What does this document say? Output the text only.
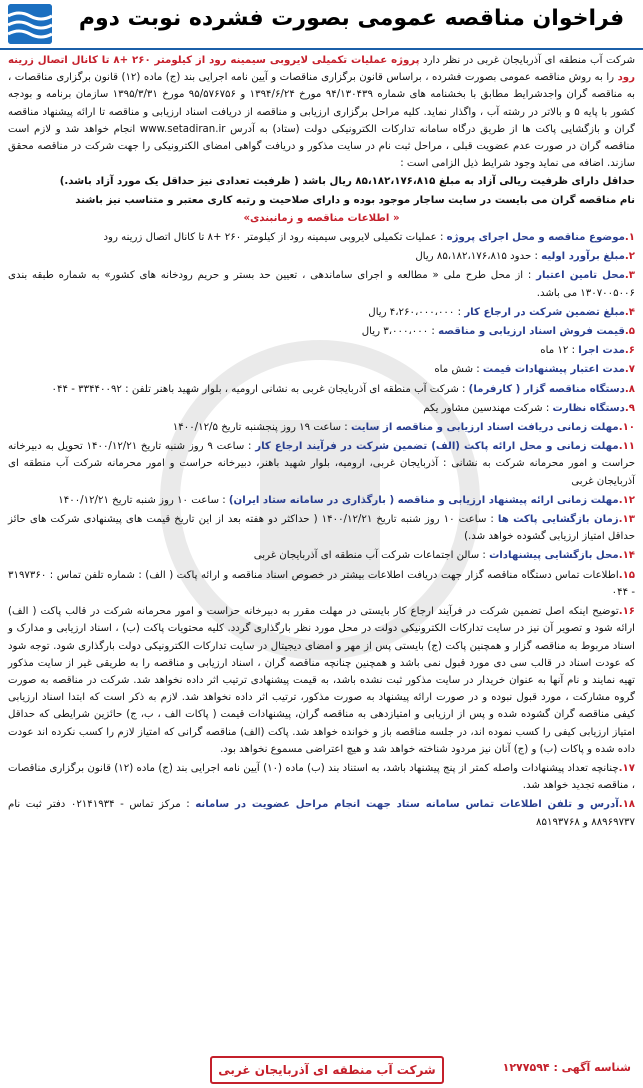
فراخوان مناقصه عمومی بصورت فشرده نوبت دوم

شرکت آب منطقه ای آذربایجان غربی در نظر دارد پروژه عملیات تکمیلی لایروبی سیمینه رود از کیلومتر ۲۶۰ +۸ تا کانال اتصال زرینه رود را به روش مناقصه عمومی بصورت فشرده ، براساس قانون برگزاری مناقصات و آیین نامه اجرایی بند (ج) ماده (۱۲) قانون برگزاری مناقصات ، به مناقصه گران واجدشرایط مطابق با بخشنامه های شماره ۹۴/۱۳۰۴۳۹ مورخ ۱۳۹۴/۶/۲۴ و ۹۵/۵۷۶۷۵۶ مورخ ۱۳۹۵/۳/۳۱ سازمان برنامه و بودجه کشور با پایه ۵ و بالاتر در رشته آب ، واگذار نماید. کلیه مراحل برگزاری ارزیابی و مناقصه از دریافت اسناد ارزیابی و مناقصه تا ارائه پیشنهاد مناقصه گران و بازگشایی پاکت ها از طریق درگاه سامانه تدارکات الکترونیکی دولت (ستاد) به آدرس www.setadiran.ir انجام خواهد شد و لازم است مناقصه گران در صورت عدم عضویت قبلی ، مراحل ثبت نام در سایت مذکور و دریافت گواهی امضای الکترونیکی را جهت شرکت در مناقصه محقق سازند. اضافه می نماید وجود شرایط ذیل الزامی است :

حداقل دارای ظرفیت ریالی آزاد به مبلغ ۸۵،۱۸۲،۱۷۶،۸۱۵ ریال باشد ( ظرفیت تعدادی نیز حداقل یک مورد آزاد باشد.)

نام مناقصه گران می بایست در سایت ساجار موجود بوده و دارای صلاحیت و رتبه کاری معتبر و متناسب نیز باشند

« اطلاعات مناقصه و زمانبندی»
۱.موضوع مناقصه و محل اجرای پروژه : عملیات تکمیلی لایروبی سیمینه رود از کیلومتر ۲۶۰ +۸ تا کانال اتصال زرینه رود
۲.مبلغ برآورد اولیه : حدود ۸۵،۱۸۲،۱۷۶،۸۱۵ ریال
۳.محل تامین اعتبار : از محل طرح ملی « مطالعه و اجرای ساماندهی ، تعیین حد بستر و حریم رودخانه های کشور» به شماره طبقه بندی ۱۳۰۷۰۰۵۰۰۶ می باشد.
۴.مبلغ تضمین شرکت در ارجاع کار : ۴،۲۶۰،۰۰۰،۰۰۰ ریال
۵.قیمت فروش اسناد ارزیابی و مناقصه : ۳،۰۰۰،۰۰۰ ریال
۶.مدت اجرا : ۱۲ ماه
۷.مدت اعتبار پیشنهادات قیمت : شش ماه
۸.دستگاه مناقصه گزار ( کارفرما) : شرکت آب منطقه ای آذربایجان غربی به نشانی ارومیه ، بلوار شهید باهنر تلفن : ۳۳۴۴۰۰۹۲ - ۰۴۴
۹.دستگاه نظارت : شرکت مهندسین مشاور یکم
۱۰.مهلت زمانی دریافت اسناد ارزیابی و مناقصه از سایت : ساعت ۱۹ روز پنجشنبه تاریخ ۱۴۰۰/۱۲/۵
۱۱.مهلت زمانی و محل ارائه پاکت (الف) تضمین شرکت در فرآیند ارجاع کار : ساعت ۹ روز شنبه تاریخ ۱۴۰۰/۱۲/۲۱ تحویل به دبیرخانه حراست و امور محرمانه شرکت به نشانی : آذربایجان غربی، ارومیه، بلوار شهید باهنر، دبیرخانه حراست و امور محرمانه شرکت آب منطقه ای آذربایجان غربی
۱۲.مهلت زمانی ارائه پیشنهاد ارزیابی و مناقصه ( بارگذاری در سامانه ستاد ایران) : ساعت ۱۰ روز شنبه تاریخ ۱۴۰۰/۱۲/۲۱
۱۳.زمان بازگشایی پاکت ها : ساعت ۱۰ روز شنبه تاریخ ۱۴۰۰/۱۲/۲۱ ( حداکثر دو هفته بعد از این تاریخ قیمت های پیشنهادی شرکت های حائز حداقل امتیاز ارزیابی گشوده خواهد شد.)
۱۴.محل بازگشایی پیشنهادات : سالن اجتماعات شرکت آب منطقه ای آذربایجان غربی
۱۵.اطلاعات تماس دستگاه مناقصه گزار جهت دریافت اطلاعات بیشتر در خصوص اسناد مناقصه و ارائه پاکت ( الف) : شماره تلفن تماس : ۳۱۹۷۳۶۰ - ۰۴۴
۱۶.توضیح اینکه اصل تضمین شرکت در فرآیند ارجاع کار بایستی در مهلت مقرر به دبیرخانه حراست و امور محرمانه شرکت در قالب پاکت ( الف) ارائه شود و تصویر آن نیز در سایت تدارکات الکترونیکی دولت در محل مورد نظر بارگذاری گردد. کلیه محتویات پاکت (ب) ، اسناد ارزیابی و مدارک و اسناد مربوط به مناقصه گزار و همچنین پاکت (ج) بایستی پس از مهر و امضای دیجیتال در سایت تدارکات الکترونیکی دولت بارگذاری شود. توجه شود که عودت اسناد در قالب سی دی مورد قبول نمی باشد و همچنین چنانچه مناقصه گران ، اسناد ارزیابی و مناقصه را به طریقی غیر از سایت مذکور تهیه نمایند و نام آنها به عنوان خریدار در سایت مذکور ثبت نشده باشد، به قیمت پیشنهادی ترتیب اثر داده نخواهد شد. شرکت در مناقصه به صورت گروه مشارکت ، مورد قبول نبوده و در صورت ارائه پیشنهاد به صورت مذکور، ترتیب اثر داده نخواهد شد. لازم به ذکر است که ابتدا اسناد ارزیابی کیفی مناقصه گران گشوده شده و پس از ارزیابی و امتیازدهی به مناقصه گران، پیشنهادات قیمت ( پاکات الف ، ب، ج) حائزین شرایطی که حداقل امتیاز ارزیابی کیفی را کسب نموده اند، در جلسه مناقصه باز و خوانده خواهد شد. پاکت (الف) مناقصه گرانی که امتیاز لازم را کسب نکرده اند عودت داده شده و پاکات (ب) و (ج) آنان نیز مردود شناخته خواهد شد و هیچ اعتراضی مسموع نخواهد بود.
۱۷.چنانچه تعداد پیشنهادات واصله کمتر از پنج پیشنهاد باشد، به استناد بند (ب) ماده (۱۰) آیین نامه اجرایی بند (ج) ماده (۱۲) قانون برگزاری مناقصات ، مناقصه تجدید خواهد شد.
۱۸.آدرس و تلفن اطلاعات تماس سامانه ستاد جهت انجام مراحل عضویت در سامانه : مرکز تماس - ۰۲۱۴۱۹۳۴ دفتر ثبت نام ۸۸۹۶۹۷۳۷ و ۸۵۱۹۳۷۶۸
شرکت آب منطقه ای آذربایجان غربی	شناسه آگهی : ۱۲۷۷۵۹۴
